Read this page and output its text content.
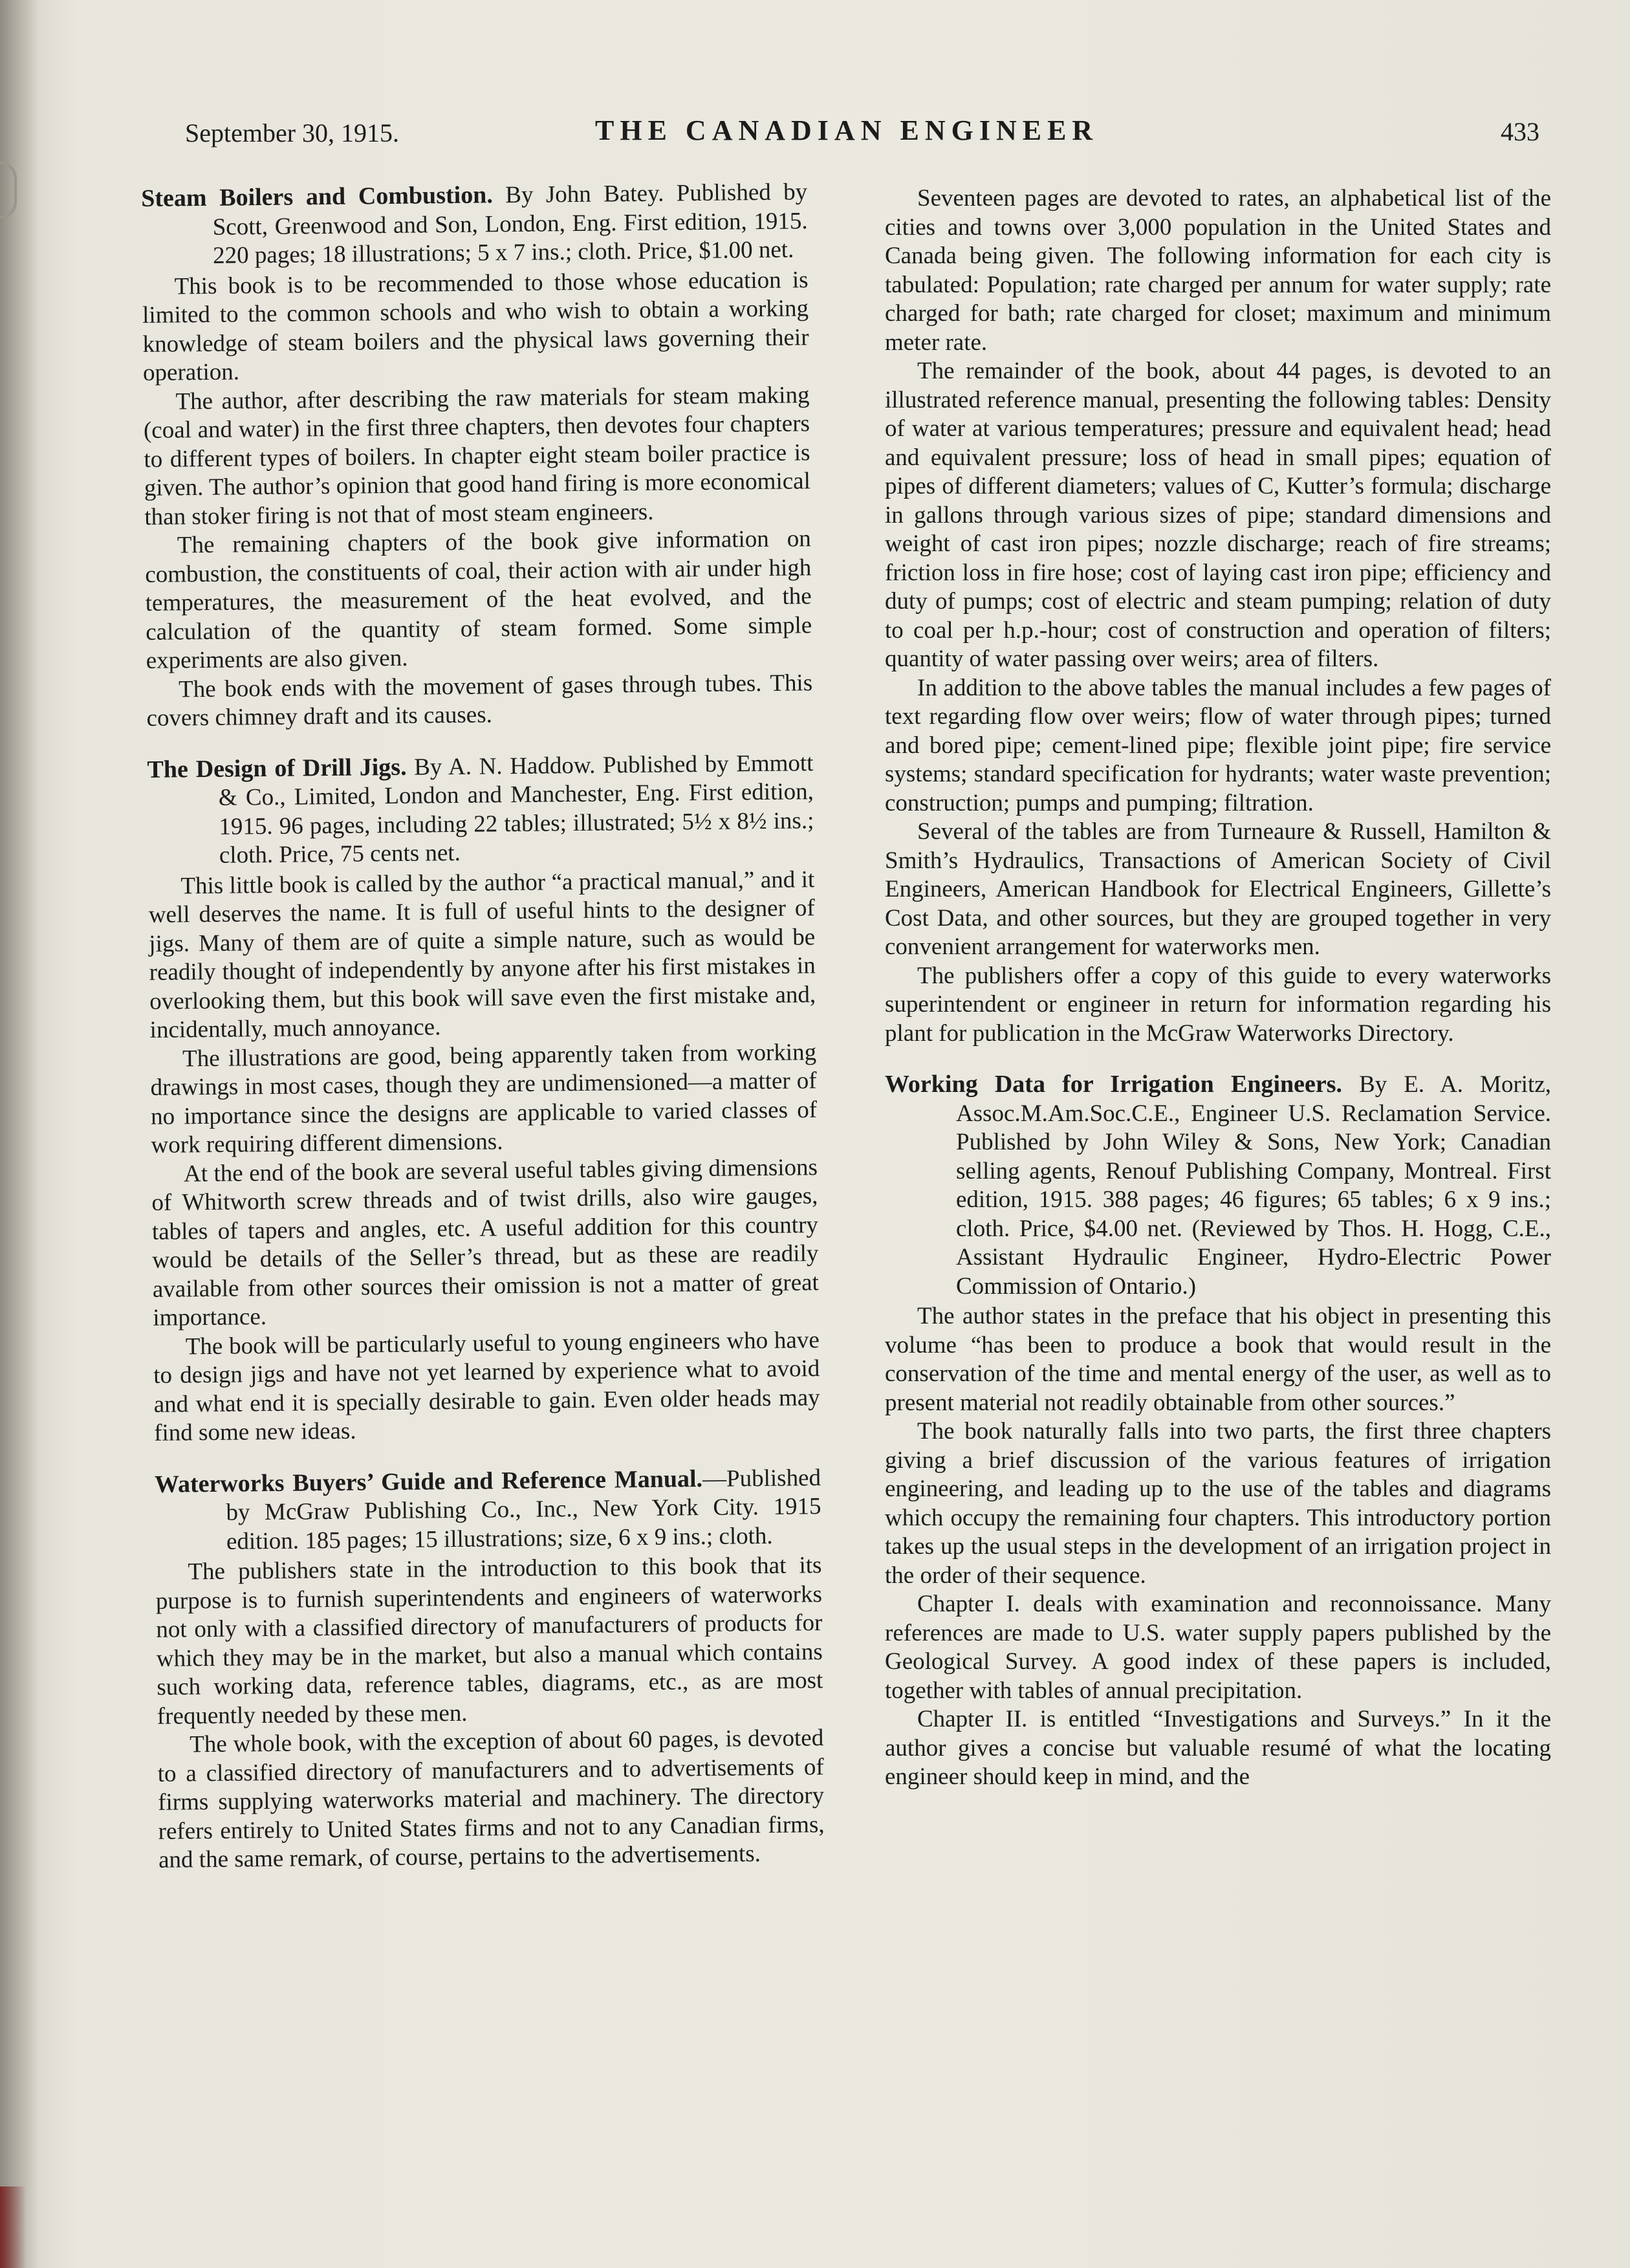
September 30, 1915.	THE CANADIAN ENGINEER	433

Steam Boilers and Combustion. By John Batey. Published by Scott, Greenwood and Son, London, Eng. First edition, 1915. 220 pages; 18 illustrations; 5 x 7 ins.; cloth. Price, $1.00 net.

This book is to be recommended to those whose education is limited to the common schools and who wish to obtain a working knowledge of steam boilers and the physical laws governing their operation.

The author, after describing the raw materials for steam making (coal and water) in the first three chapters, then devotes four chapters to different types of boilers. In chapter eight steam boiler practice is given. The author’s opinion that good hand firing is more economical than stoker firing is not that of most steam engineers.

The remaining chapters of the book give information on combustion, the constituents of coal, their action with air under high temperatures, the measurement of the heat evolved, and the calculation of the quantity of steam formed. Some simple experiments are also given.

The book ends with the movement of gases through tubes. This covers chimney draft and its causes.

The Design of Drill Jigs. By A. N. Haddow. Published by Emmott & Co., Limited, London and Manchester, Eng. First edition, 1915. 96 pages, including 22 tables; illustrated; 5½ x 8½ ins.; cloth. Price, 75 cents net.

This little book is called by the author “a practical manual,” and it well deserves the name. It is full of useful hints to the designer of jigs. Many of them are of quite a simple nature, such as would be readily thought of independently by anyone after his first mistakes in overlooking them, but this book will save even the first mistake and, incidentally, much annoyance.

The illustrations are good, being apparently taken from working drawings in most cases, though they are undimensioned—a matter of no importance since the designs are applicable to varied classes of work requiring different dimensions.

At the end of the book are several useful tables giving dimensions of Whitworth screw threads and of twist drills, also wire gauges, tables of tapers and angles, etc. A useful addition for this country would be details of the Seller’s thread, but as these are readily available from other sources their omission is not a matter of great importance.

The book will be particularly useful to young engineers who have to design jigs and have not yet learned by experience what to avoid and what end it is specially desirable to gain. Even older heads may find some new ideas.

Waterworks Buyers’ Guide and Reference Manual.—Published by McGraw Publishing Co., Inc., New York City. 1915 edition. 185 pages; 15 illustrations; size, 6 x 9 ins.; cloth.

The publishers state in the introduction to this book that its purpose is to furnish superintendents and engineers of waterworks not only with a classified directory of manufacturers of products for which they may be in the market, but also a manual which contains such working data, reference tables, diagrams, etc., as are most frequently needed by these men.

The whole book, with the exception of about 60 pages, is devoted to a classified directory of manufacturers and to advertisements of firms supplying waterworks material and machinery. The directory refers entirely to United States firms and not to any Canadian firms, and the same remark, of course, pertains to the advertisements.

Seventeen pages are devoted to rates, an alphabetical list of the cities and towns over 3,000 population in the United States and Canada being given. The following information for each city is tabulated: Population; rate charged per annum for water supply; rate charged for bath; rate charged for closet; maximum and minimum meter rate.

The remainder of the book, about 44 pages, is devoted to an illustrated reference manual, presenting the following tables: Density of water at various temperatures; pressure and equivalent head; head and equivalent pressure; loss of head in small pipes; equation of pipes of different diameters; values of C, Kutter’s formula; discharge in gallons through various sizes of pipe; standard dimensions and weight of cast iron pipes; nozzle discharge; reach of fire streams; friction loss in fire hose; cost of laying cast iron pipe; efficiency and duty of pumps; cost of electric and steam pumping; relation of duty to coal per h.p.-hour; cost of construction and operation of filters; quantity of water passing over weirs; area of filters.

In addition to the above tables the manual includes a few pages of text regarding flow over weirs; flow of water through pipes; turned and bored pipe; cement-lined pipe; flexible joint pipe; fire service systems; standard specification for hydrants; water waste prevention; construction; pumps and pumping; filtration.

Several of the tables are from Turneaure & Russell, Hamilton & Smith’s Hydraulics, Transactions of American Society of Civil Engineers, American Handbook for Electrical Engineers, Gillette’s Cost Data, and other sources, but they are grouped together in very convenient arrangement for waterworks men.

The publishers offer a copy of this guide to every waterworks superintendent or engineer in return for information regarding his plant for publication in the McGraw Waterworks Directory.

Working Data for Irrigation Engineers. By E. A. Moritz, Assoc.M.Am.Soc.C.E., Engineer U.S. Reclamation Service. Published by John Wiley & Sons, New York; Canadian selling agents, Renouf Publishing Company, Montreal. First edition, 1915. 388 pages; 46 figures; 65 tables; 6 x 9 ins.; cloth. Price, $4.00 net. (Reviewed by Thos. H. Hogg, C.E., Assistant Hydraulic Engineer, Hydro-Electric Power Commission of Ontario.)

The author states in the preface that his object in presenting this volume “has been to produce a book that would result in the conservation of the time and mental energy of the user, as well as to present material not readily obtainable from other sources.”

The book naturally falls into two parts, the first three chapters giving a brief discussion of the various features of irrigation engineering, and leading up to the use of the tables and diagrams which occupy the remaining four chapters. This introductory portion takes up the usual steps in the development of an irrigation project in the order of their sequence.

Chapter I. deals with examination and reconnoissance. Many references are made to U.S. water supply papers published by the Geological Survey. A good index of these papers is included, together with tables of annual precipitation.

Chapter II. is entitled “Investigations and Surveys.” In it the author gives a concise but valuable resumé of what the locating engineer should keep in mind, and the
